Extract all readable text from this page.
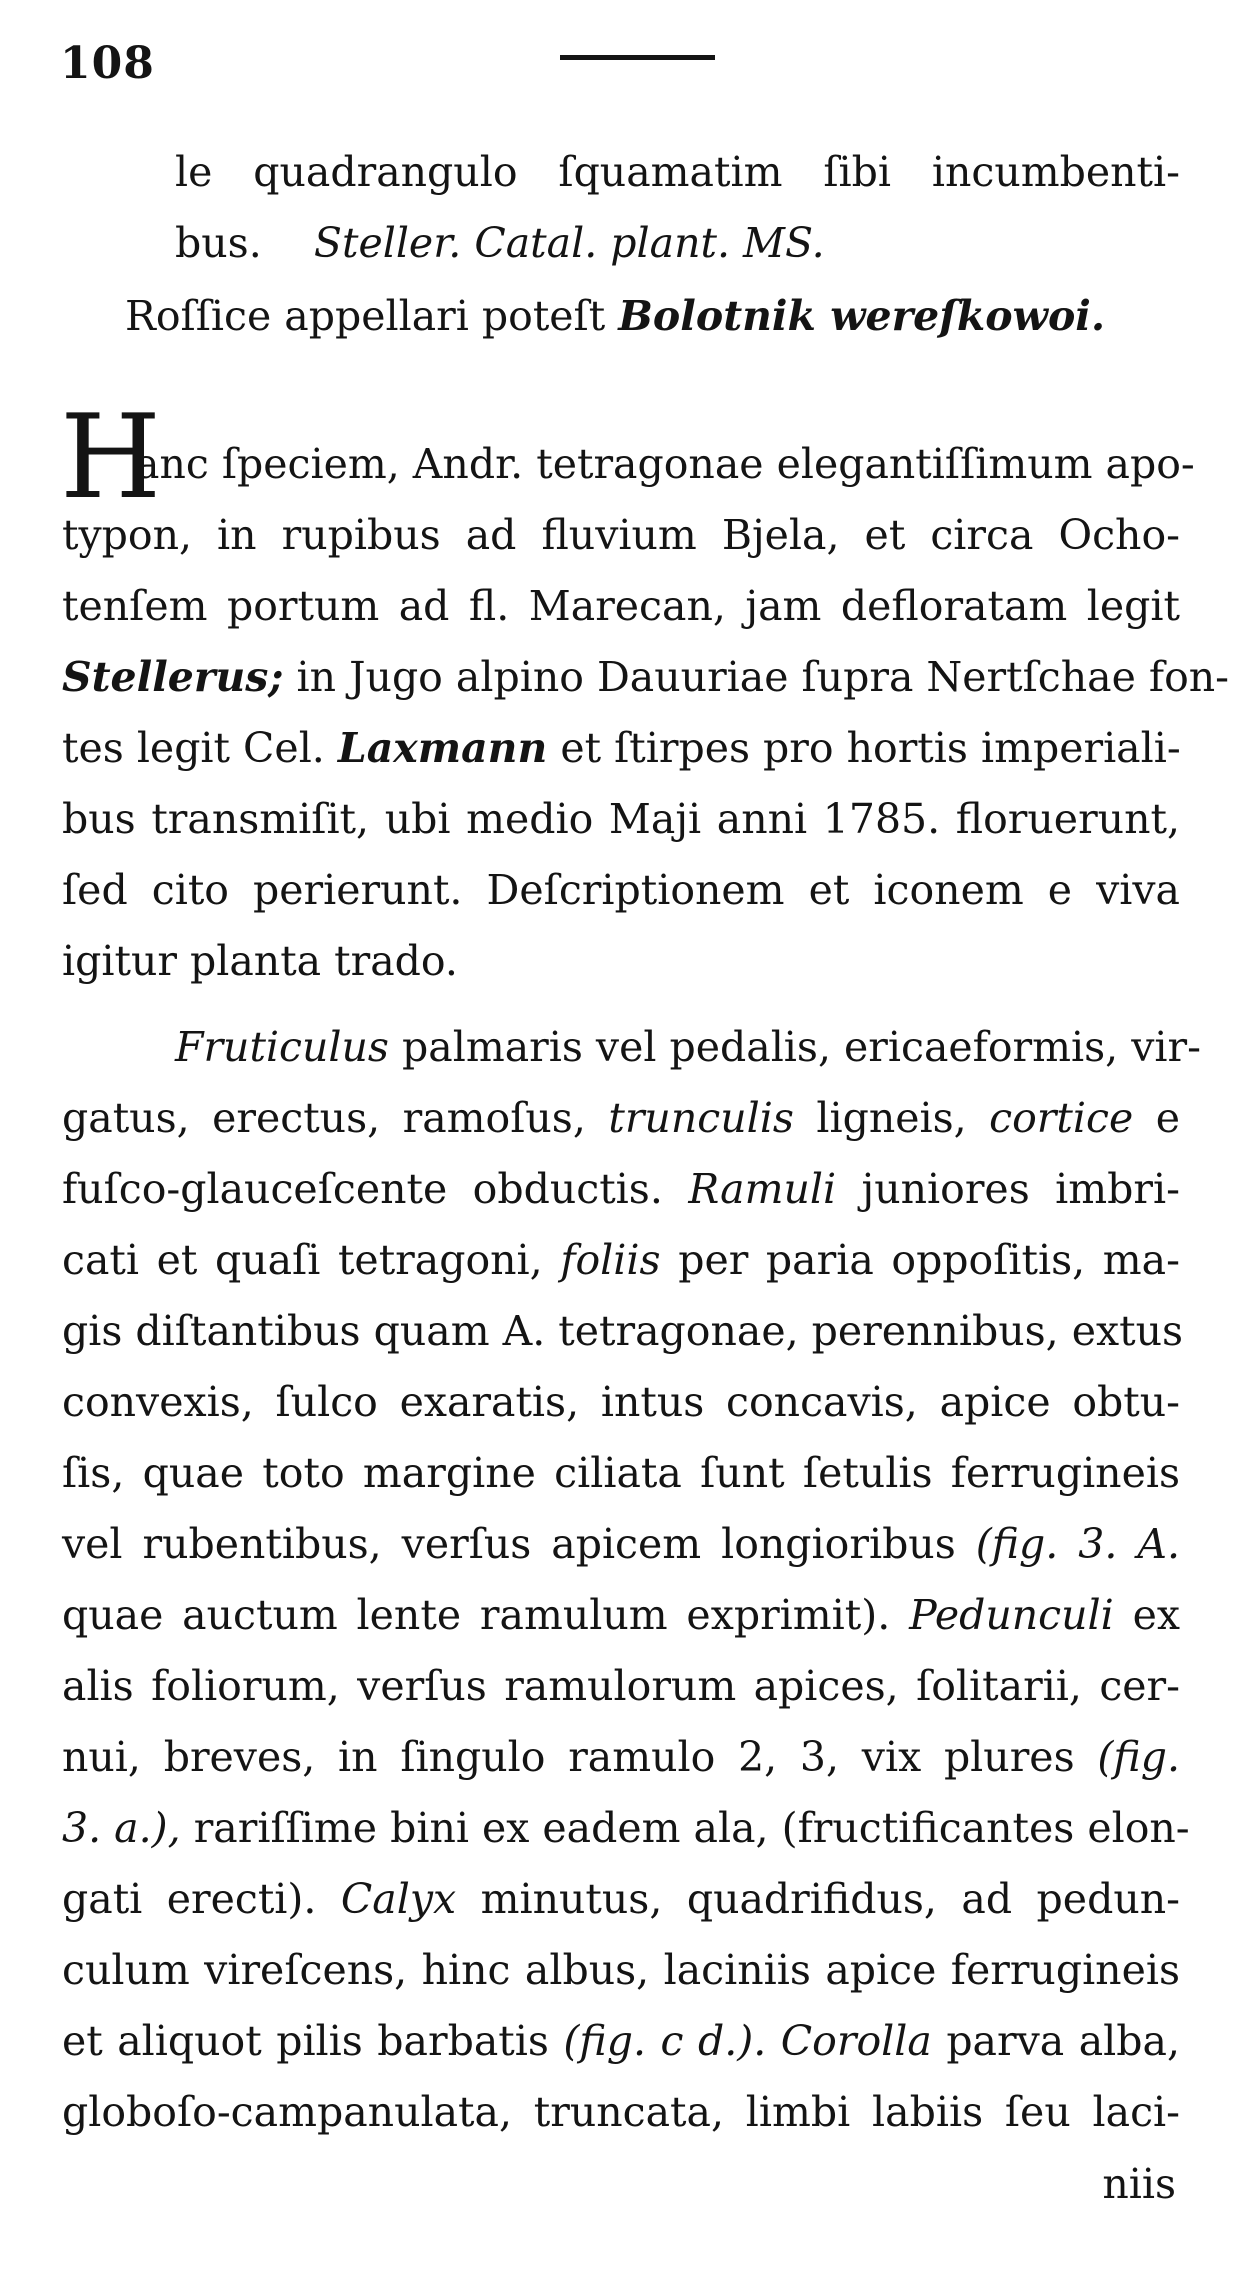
108
le quadrangulo ſquamatim ſibi incumbenti-
bus. Steller. Catal. plant. MS.
Roſſice appellari poteſt Bolotnik wereſkowoi.
H
anc ſpeciem, Andr. tetragonae elegantiſſimum apo-
typon, in rupibus ad fluvium Bjela, et circa Ocho-
tenſem portum ad fl. Marecan, jam defloratam legit
Stellerus; in Jugo alpino Dauuriae ſupra Nertſchae fon-
tes legit Cel. Laxmann et ſtirpes pro hortis imperiali-
bus transmiſit, ubi medio Maji anni 1785. floruerunt,
ſed cito perierunt. Deſcriptionem et iconem e viva
igitur planta trado.
Fruticulus palmaris vel pedalis, ericaeformis, vir-
gatus, erectus, ramoſus, trunculis ligneis, cortice e
fuſco-glauceſcente obductis. Ramuli juniores imbri-
cati et quaſi tetragoni, foliis per paria oppoſitis, ma-
gis diſtantibus quam A. tetragonae, perennibus, extus
convexis, ſulco exaratis, intus concavis, apice obtu-
ſis, quae toto margine ciliata ſunt ſetulis ferrugineis
vel rubentibus, verſus apicem longioribus (fig. 3. A.
quae auctum lente ramulum exprimit). Pedunculi ex
alis foliorum, verſus ramulorum apices, ſolitarii, cer-
nui, breves, in ſingulo ramulo 2, 3, vix plures (fig.
3. a.), rariſſime bini ex eadem ala, (fructificantes elon-
gati erecti). Calyx minutus, quadrifidus, ad pedun-
culum vireſcens, hinc albus, laciniis apice ferrugineis
et aliquot pilis barbatis (fig. c d.). Corolla parva alba,
globoſo-campanulata, truncata, limbi labiis ſeu laci-
niis
